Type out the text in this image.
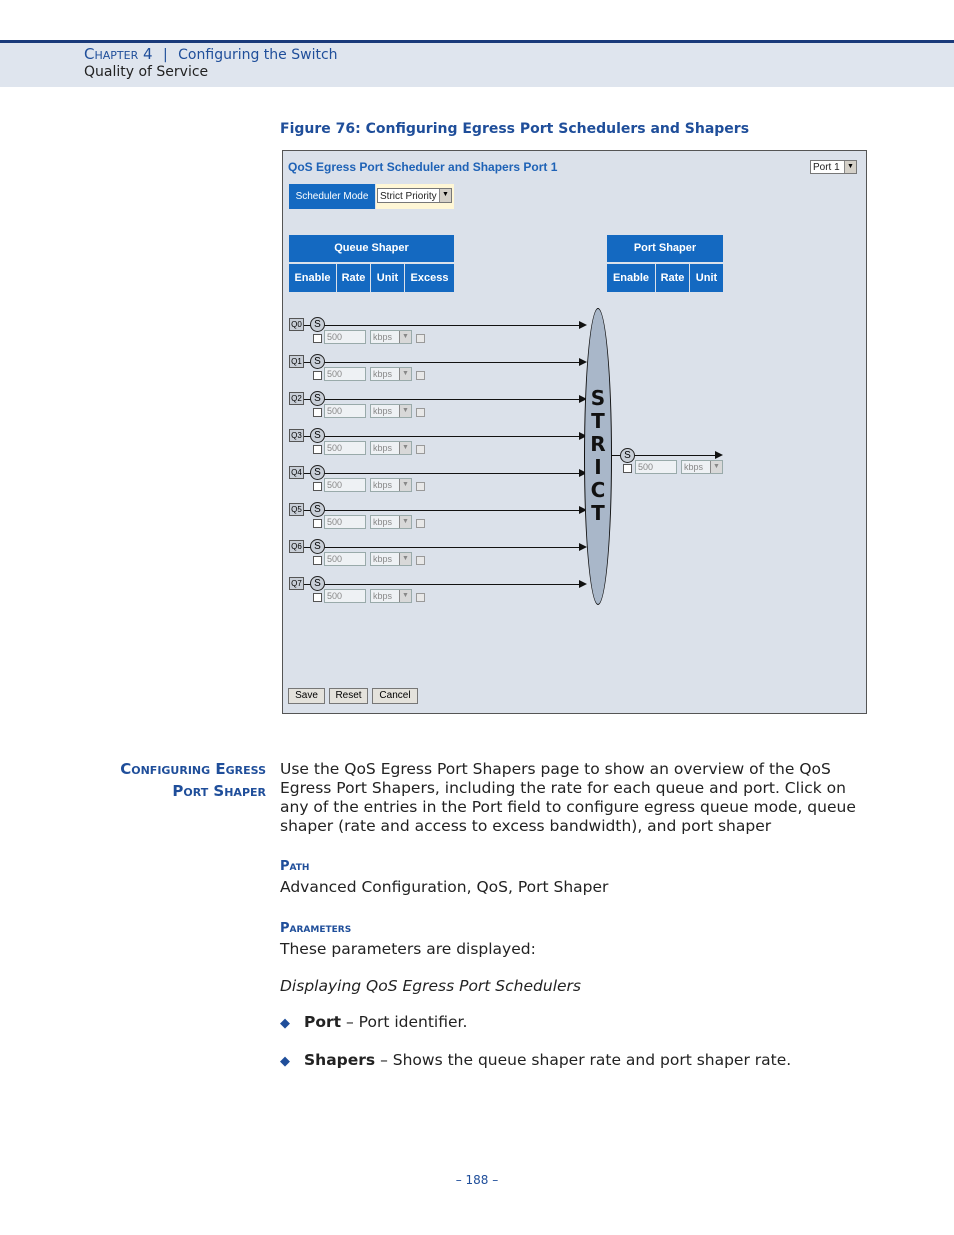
Chapter 4 | Configuring the Switch
Quality of Service
Figure 76: Configuring Egress Port Schedulers and Shapers
QoS Egress Port Scheduler and Shapers Port 1	Port 1	▼
Scheduler Mode	Strict Priority ▼
Queue Shaper
Enable	Rate	Unit	Excess
Port Shaper
Enable	Rate	Unit
Q0	S
500	kbps	▼
Q1	S
500	kbps	▼
Q2	S
500	kbps	▼
Q3	S
500	kbps	▼
Q4	S
500	kbps	▼
Q5	S
500	kbps	▼
Q6	S
500	kbps	▼
Q7	S
500	kbps	▼
S
T
R
I
C
T
S
500	kbps	▼
Save	Reset	Cancel
Configuring Egress
Port Shaper
Use the QoS Egress Port Shapers page to show an overview of the QoS
Egress Port Shapers, including the rate for each queue and port. Click on
any of the entries in the Port field to configure egress queue mode, queue
shaper (rate and access to excess bandwidth), and port shaper
Path
Advanced Configuration, QoS, Port Shaper
Parameters
These parameters are displayed:
Displaying QoS Egress Port Schedulers
◆ Port – Port identifier.
◆ Shapers – Shows the queue shaper rate and port shaper rate.
– 188 –
